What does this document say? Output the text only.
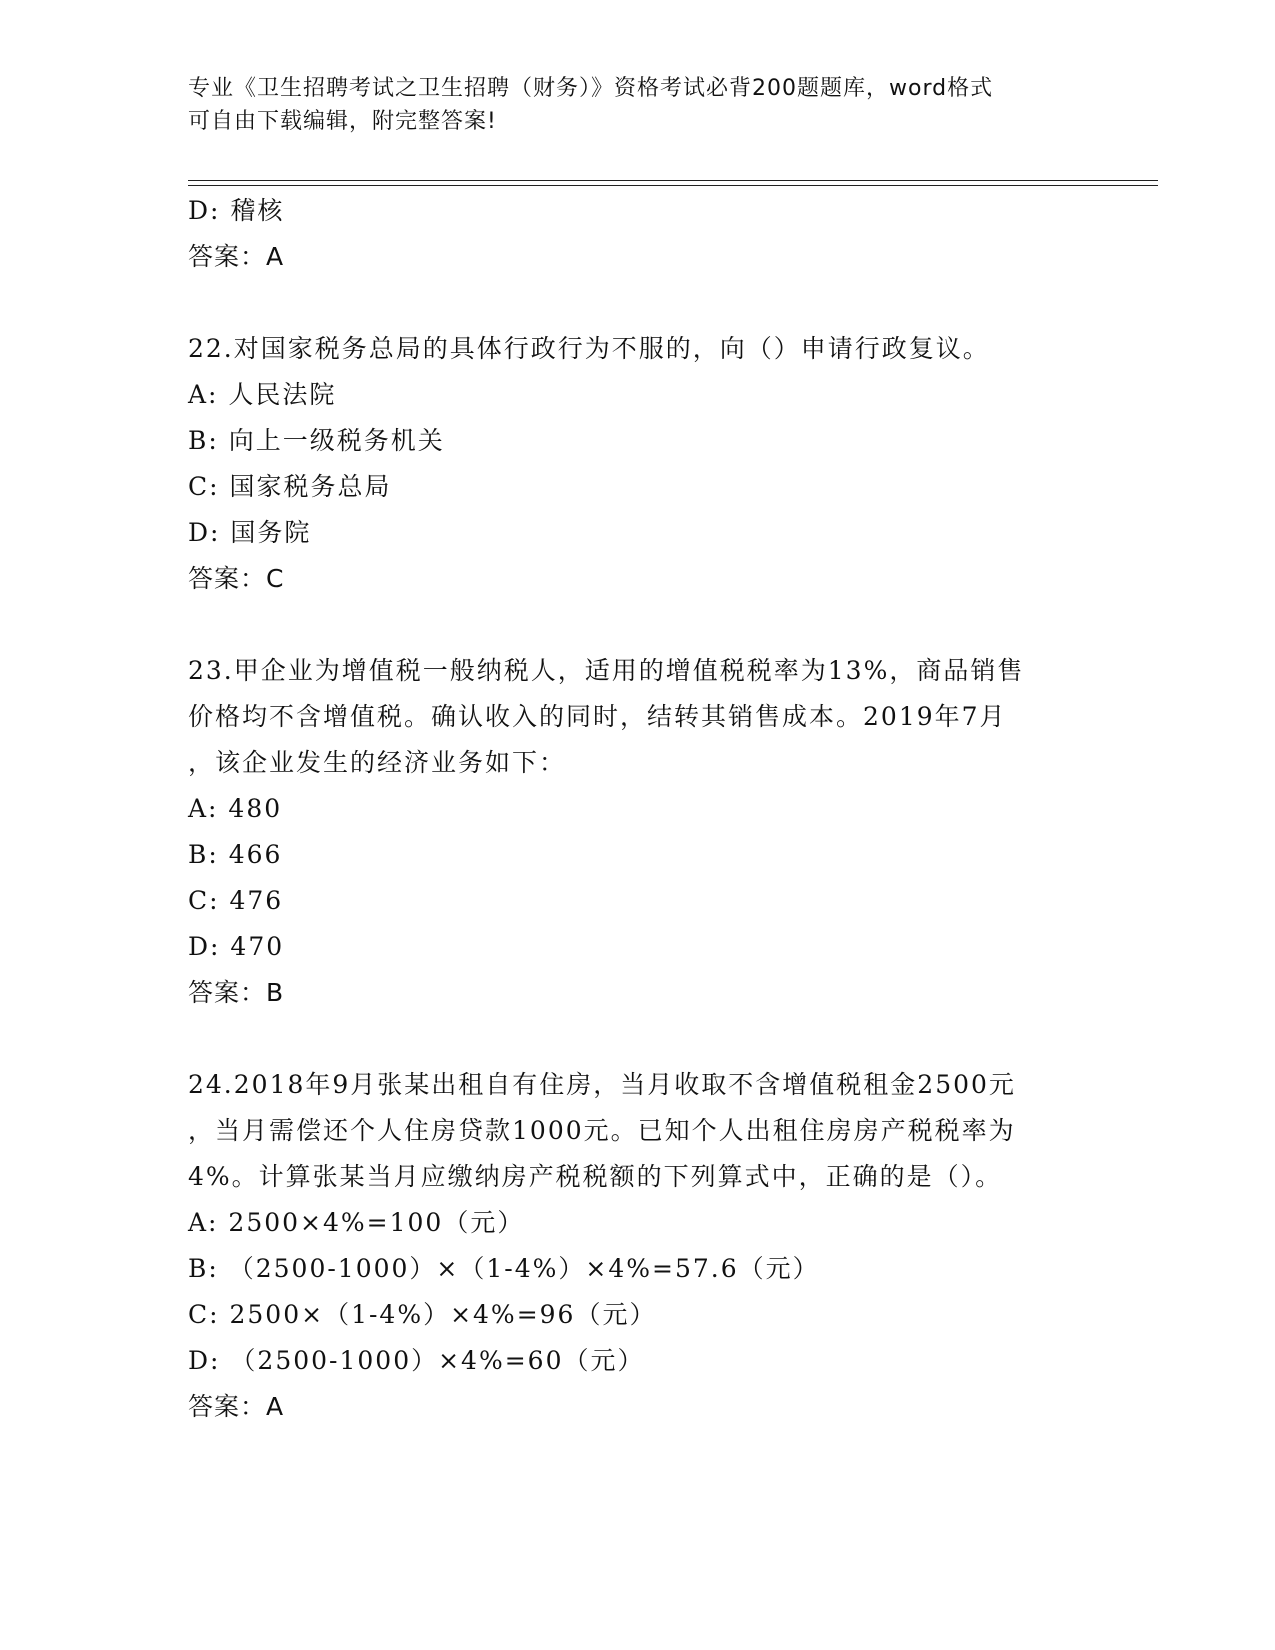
专业《卫生招聘考试之卫生招聘（财务）》资格考试必背200题题库，word格式
可自由下载编辑，附完整答案!
D: 稽核
答案：A
22.对国家税务总局的具体行政行为不服的，向（）申请行政复议。
A: 人民法院
B: 向上一级税务机关
C: 国家税务总局
D: 国务院
答案：C
23.甲企业为增值税一般纳税人，适用的增值税税率为13%，商品销售
价格均不含增值税。确认收入的同时，结转其销售成本。2019年7月
，该企业发生的经济业务如下：
A: 480
B: 466
C: 476
D: 470
答案：B
24.2018年9月张某出租自有住房，当月收取不含增值税租金2500元
，当月需偿还个人住房贷款1000元。已知个人出租住房房产税税率为
4%。计算张某当月应缴纳房产税税额的下列算式中，正确的是（）。
A: 2500×4%=100（元）
B: （2500-1000）×（1-4%）×4%=57.6（元）
C: 2500×（1-4%）×4%=96（元）
D: （2500-1000）×4%=60（元）
答案：A
